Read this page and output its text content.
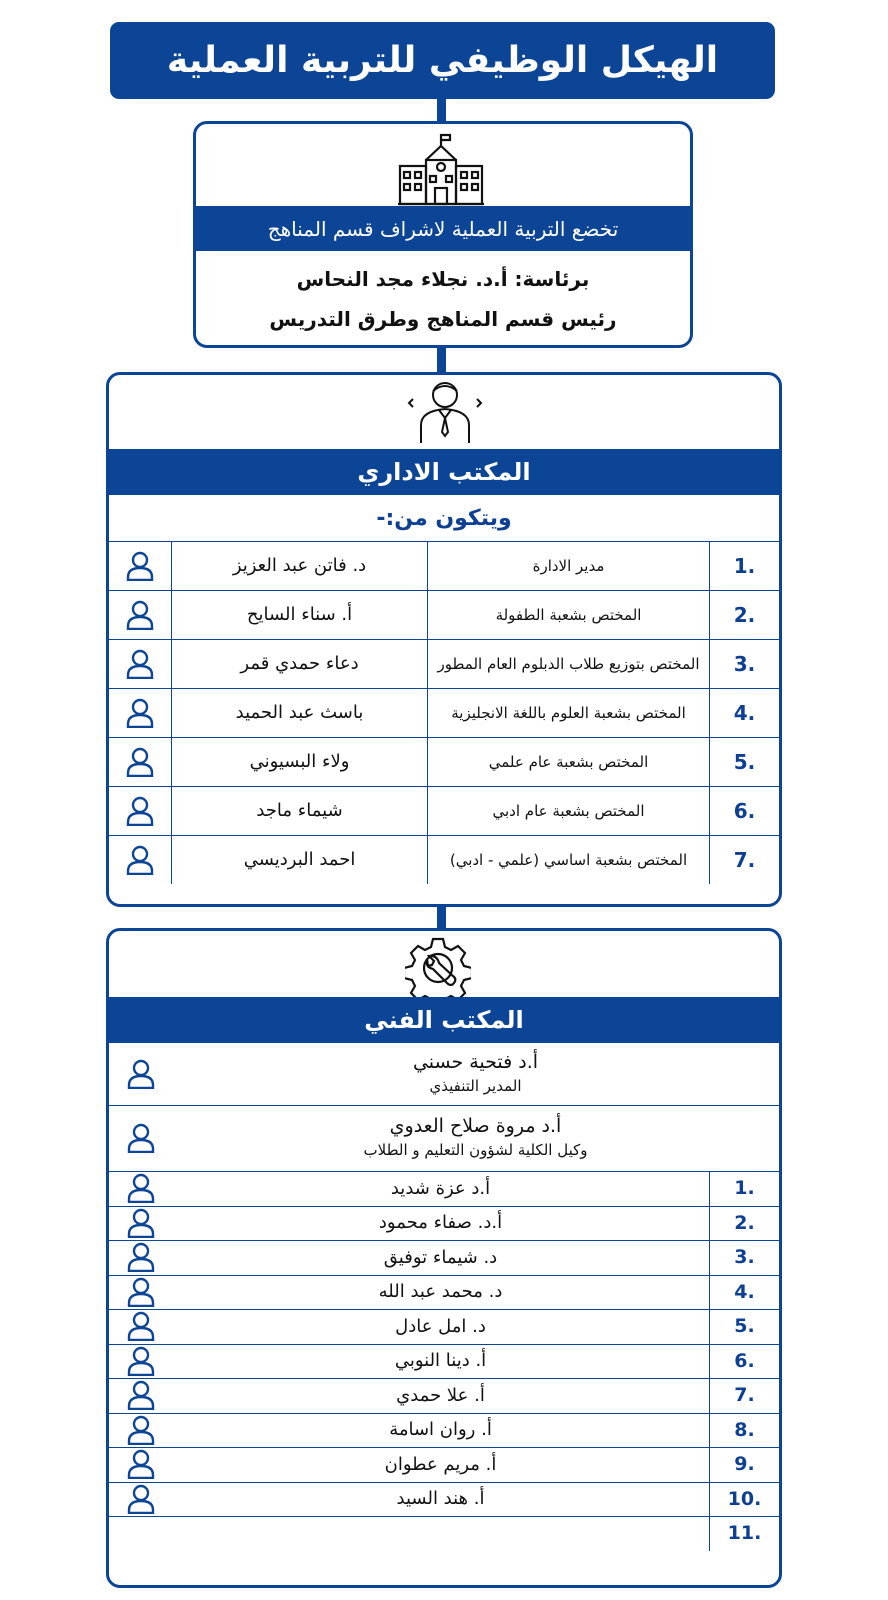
الهيكل الوظيفي للتربية العملية
تخضع التربية العملية لاشراف قسم المناهج
برئاسة: أ.د. نجلاء مجد النحاس
رئيس قسم المناهج وطرق التدريس
المكتب الاداري
ويتكون من:-
د. فاتن عبد العزيز	مدير الادارة	1.
أ. سناء السايح	المختص بشعبة الطفولة	2.
دعاء حمدي قمر	المختص بتوزيع طلاب الدبلوم العام المطور	3.
باسث عبد الحميد	المختص بشعبة العلوم باللغة الانجليزية	4.
ولاء البسيوني	المختص بشعبة عام علمي	5.
شيماء ماجد	المختص بشعبة عام ادبي	6.
احمد البرديسي	المختص بشعبة اساسي (علمي - ادبي)	7.
المكتب الفني
أ.د فتحية حسني
المدير التنفيذي
أ.د مروة صلاح العدوي
وكيل الكلية لشؤون التعليم و الطلاب
أ.د عزة شديد	1.
أ.د. صفاء محمود	2.
د. شيماء توفيق	3.
د. محمد عبد الله	4.
د. امل عادل	5.
أ. دينا النوبي	6.
أ. علا حمدي	7.
أ. روان اسامة	8.
أ. مريم عطوان	9.
أ. هند السيد	10.
11.
